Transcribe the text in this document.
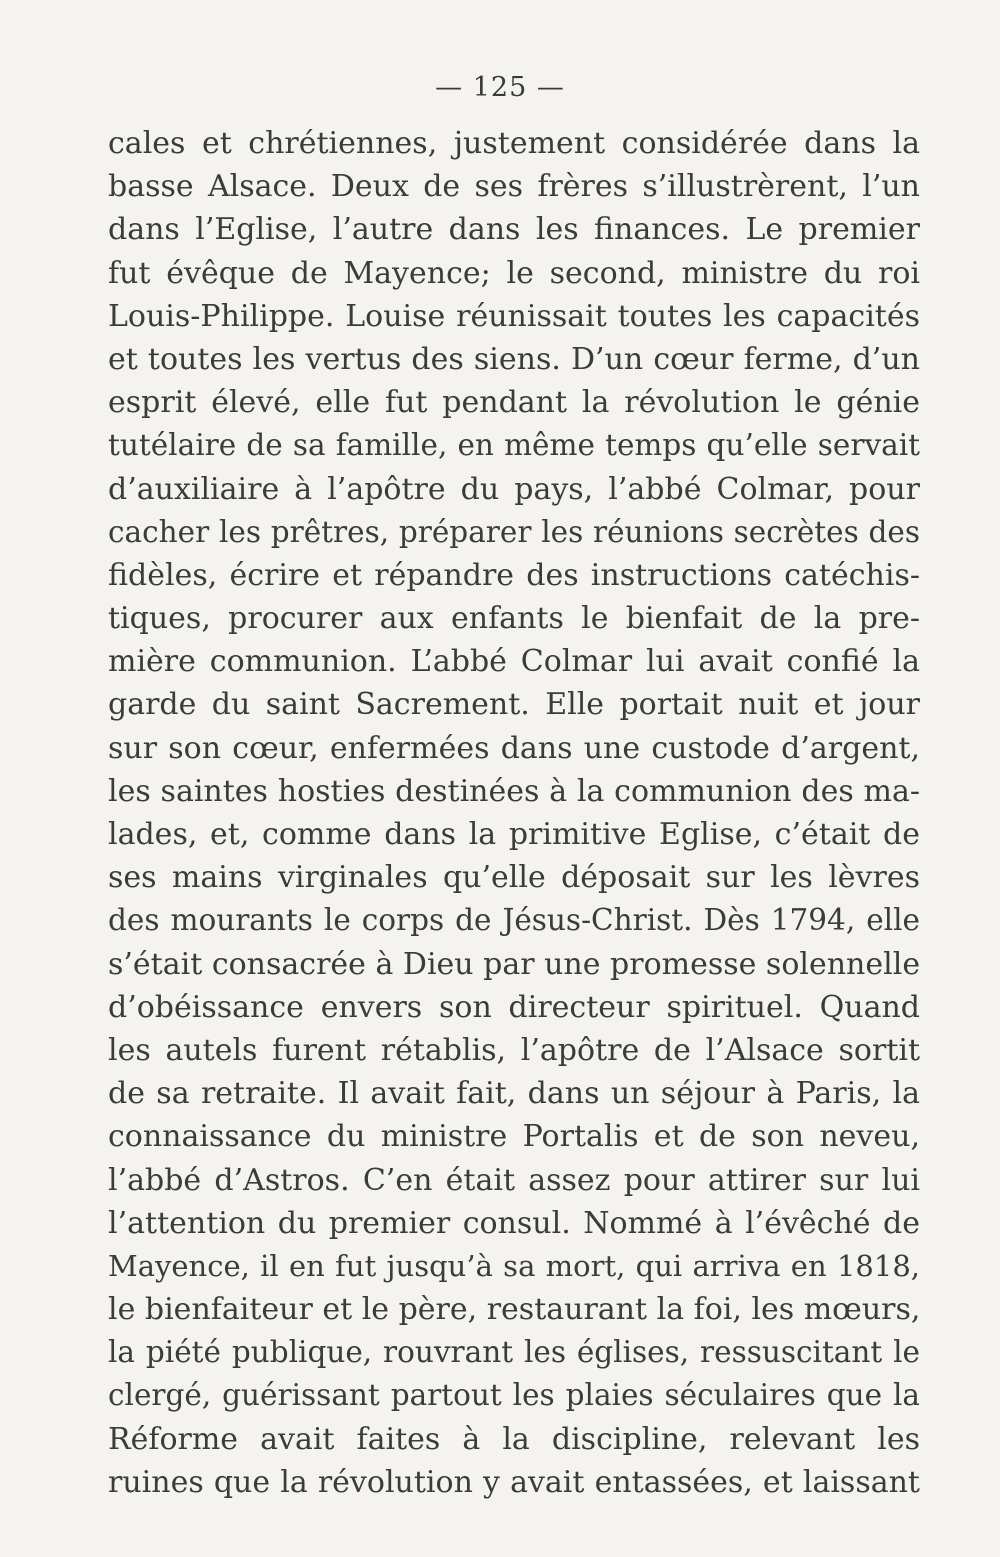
— 125 —
cales et chrétiennes, justement considérée dans la
basse Alsace. Deux de ses frères s’illustrèrent, l’un
dans l’Eglise, l’autre dans les finances. Le premier
fut évêque de Mayence; le second, ministre du roi
Louis-Philippe. Louise réunissait toutes les capacités
et toutes les vertus des siens. D’un cœur ferme, d’un
esprit élevé, elle fut pendant la révolution le génie
tutélaire de sa famille, en même temps qu’elle servait
d’auxiliaire à l’apôtre du pays, l’abbé Colmar, pour
cacher les prêtres, préparer les réunions secrètes des
fidèles, écrire et répandre des instructions catéchis-
tiques, procurer aux enfants le bienfait de la pre-
mière communion. L’abbé Colmar lui avait confié la
garde du saint Sacrement. Elle portait nuit et jour
sur son cœur, enfermées dans une custode d’argent,
les saintes hosties destinées à la communion des ma-
lades, et, comme dans la primitive Eglise, c’était de
ses mains virginales qu’elle déposait sur les lèvres
des mourants le corps de Jésus-Christ. Dès 1794, elle
s’était consacrée à Dieu par une promesse solennelle
d’obéissance envers son directeur spirituel. Quand
les autels furent rétablis, l’apôtre de l’Alsace sortit
de sa retraite. Il avait fait, dans un séjour à Paris, la
connaissance du ministre Portalis et de son neveu,
l’abbé d’Astros. C’en était assez pour attirer sur lui
l’attention du premier consul. Nommé à l’évêché de
Mayence, il en fut jusqu’à sa mort, qui arriva en 1818,
le bienfaiteur et le père, restaurant la foi, les mœurs,
la piété publique, rouvrant les églises, ressuscitant le
clergé, guérissant partout les plaies séculaires que la
Réforme avait faites à la discipline, relevant les
ruines que la révolution y avait entassées, et laissant
